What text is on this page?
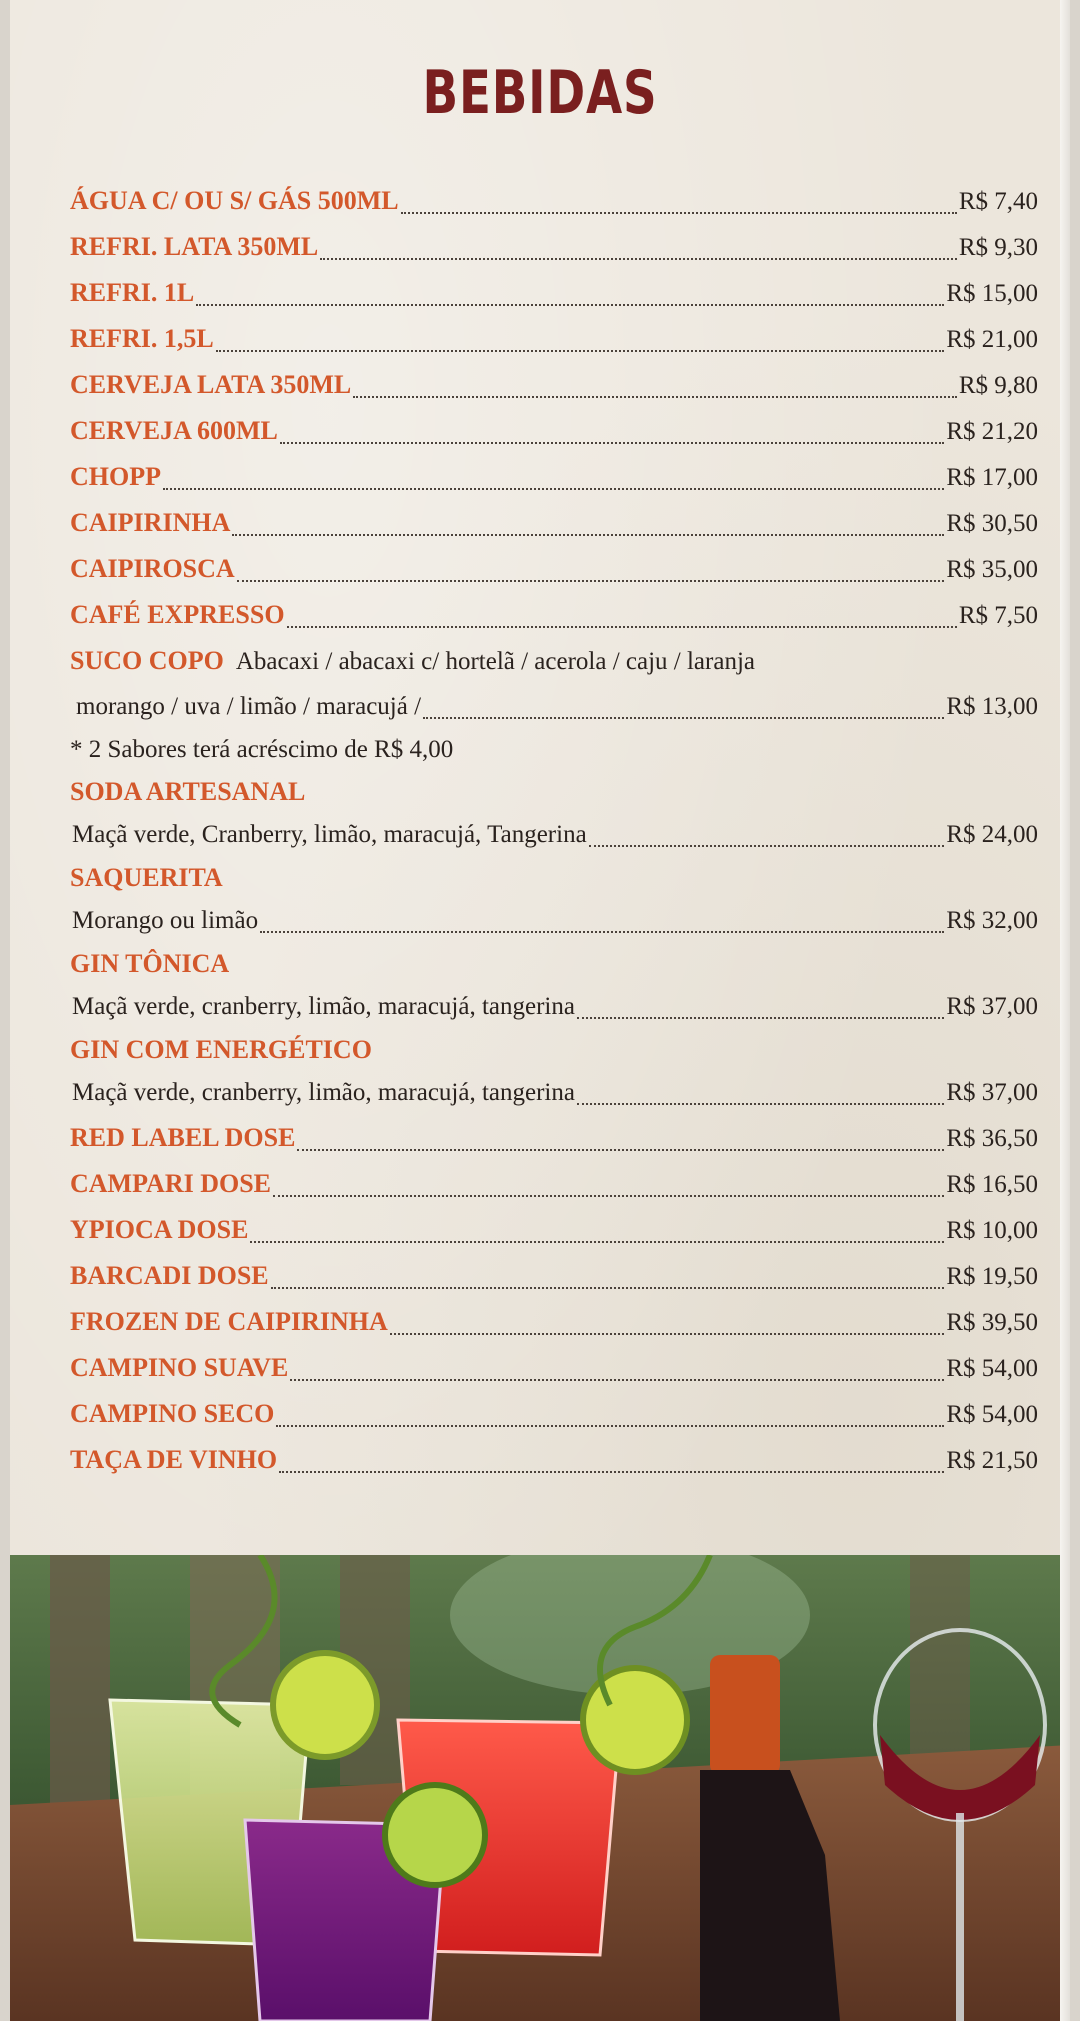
BEBIDAS
ÁGUA C/ OU S/ GÁS 500ML	R$ 7,40
REFRI. LATA 350ML	R$ 9,30
REFRI. 1L	R$ 15,00
REFRI. 1,5L	R$ 21,00
CERVEJA LATA 350ML	R$ 9,80
CERVEJA 600ML	R$ 21,20
CHOPP	R$ 17,00
CAIPIRINHA	R$ 30,50
CAIPIROSCA	R$ 35,00
CAFÉ EXPRESSO	R$ 7,50
SUCO COPO Abacaxi / abacaxi c/ hortelã / acerola / caju / laranja
morango / uva / limão / maracujá /	R$ 13,00
* 2 Sabores terá acréscimo de R$ 4,00
SODA ARTESANAL
Maçã verde, Cranberry, limão, maracujá, Tangerina	R$ 24,00
SAQUERITA
Morango ou limão	R$ 32,00
GIN TÔNICA
Maçã verde, cranberry, limão, maracujá, tangerina	R$ 37,00
GIN COM ENERGÉTICO
Maçã verde, cranberry, limão, maracujá, tangerina	R$ 37,00
RED LABEL DOSE	R$ 36,50
CAMPARI DOSE	R$ 16,50
YPIOCA DOSE	R$ 10,00
BARCADI DOSE	R$ 19,50
FROZEN DE CAIPIRINHA	R$ 39,50
CAMPINO SUAVE	R$ 54,00
CAMPINO SECO	R$ 54,00
TAÇA DE VINHO	R$ 21,50
